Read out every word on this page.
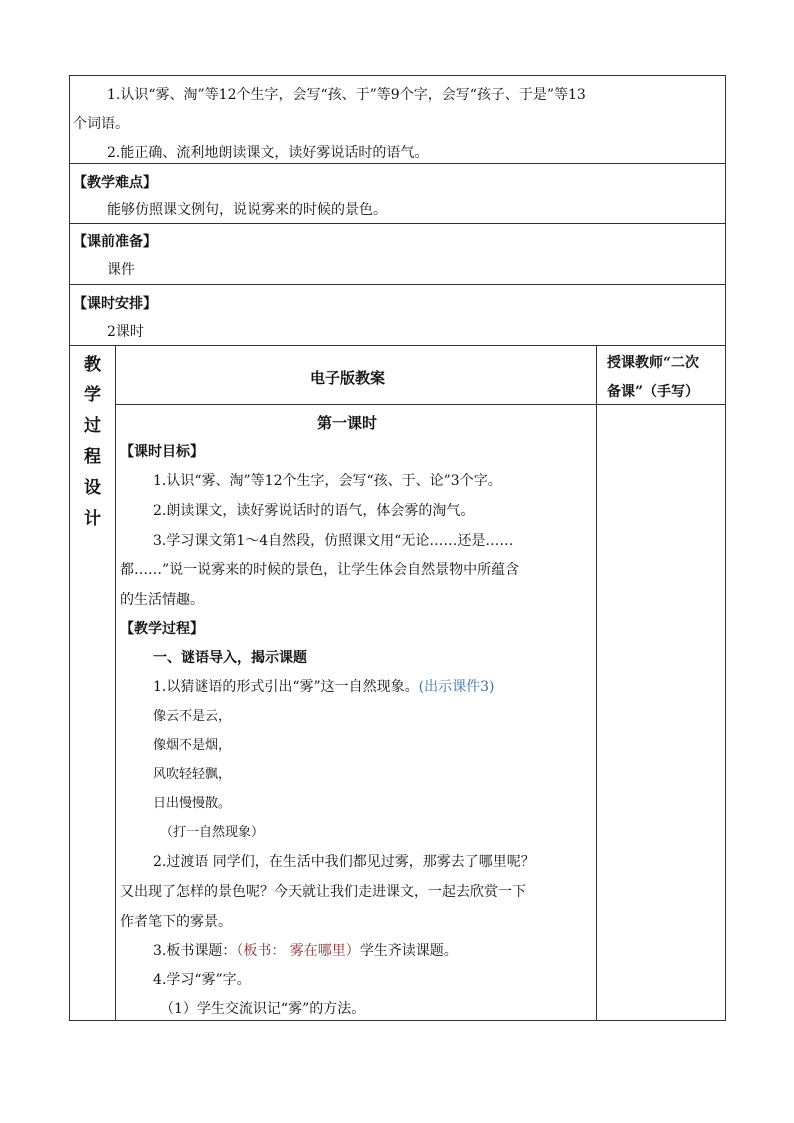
1.认识“雾、淘”等12个生字，会写“孩、于”等9个字，会写“孩子、于是”等13
个词语。
2.能正确、流利地朗读课文，读好雾说话时的语气。
【教学难点】
能够仿照课文例句，说说雾来的时候的景色。
【课前准备】
课件
【课时安排】
2课时
教
学
过
程
设
计
电子版教案
授课教师“二次
备课”（手写）
第一课时
【课时目标】
1.认识“雾、淘”等12个生字，会写“孩、于、论”3个字。
2.朗读课文，读好雾说话时的语气，体会雾的淘气。
3.学习课文第1～4自然段，仿照课文用“无论……还是……
都……”说一说雾来的时候的景色，让学生体会自然景物中所蕴含
的生活情趣。
【教学过程】
一、谜语导入，揭示课题
1.以猜谜语的形式引出“雾”这一自然现象。(出示课件3)
像云不是云，
像烟不是烟，
风吹轻轻飘，
日出慢慢散。
（打一自然现象）
2.过渡语 同学们，在生活中我们都见过雾，那雾去了哪里呢？
又出现了怎样的景色呢？今天就让我们走进课文，一起去欣赏一下
作者笔下的雾景。
3.板书课题：（板书： 雾在哪里）学生齐读课题。
4.学习“雾”字。
（1）学生交流识记“雾”的方法。
